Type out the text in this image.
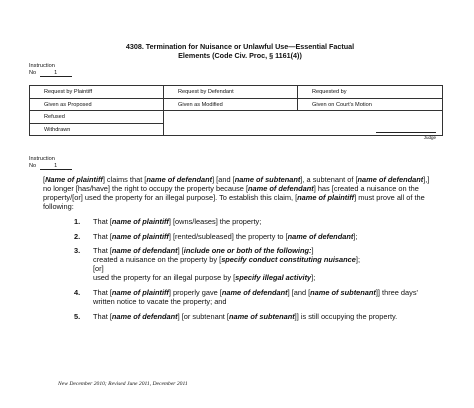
4308. Termination for Nuisance or Unlawful Use—Essential Factual
Elements (Code Civ. Proc, § 1161(4))
Instruction
No	1
Request by Plaintiff	Request by Defendant	Requested by
Given as Proposed	Given as Modified	Given on Court's Motion
Refused	Judge	

Withdrawn		
Instruction
No	1

[Name of plaintiff] claims that [name of defendant] [and [name of subtenant], a subtenant of [name of defendant],] no longer [has/have] the right to occupy the property because [name of defendant] has [created a nuisance on the property/[or] used the property for an illegal purpose]. To establish this claim, [name of plaintiff] must prove all of the following:

1.	That [name of plaintiff] [owns/leases] the property;
2.	That [name of plaintiff] [rented/subleased] the property to [name of defendant];
3.	That [name of defendant] [include one or both of the following:]

created a nuisance on the property by [specify conduct constituting nuisance];

[or]

used the property for an illegal purpose by [specify illegal activity];

4.	That [name of plaintiff] properly gave [name of defendant] [and [name of subtenant]] three days' written notice to vacate the property; and
5.	That [name of defendant] [or subtenant [name of subtenant]] is still occupying the property.
New December 2010; Revised June 2011, December 2011
